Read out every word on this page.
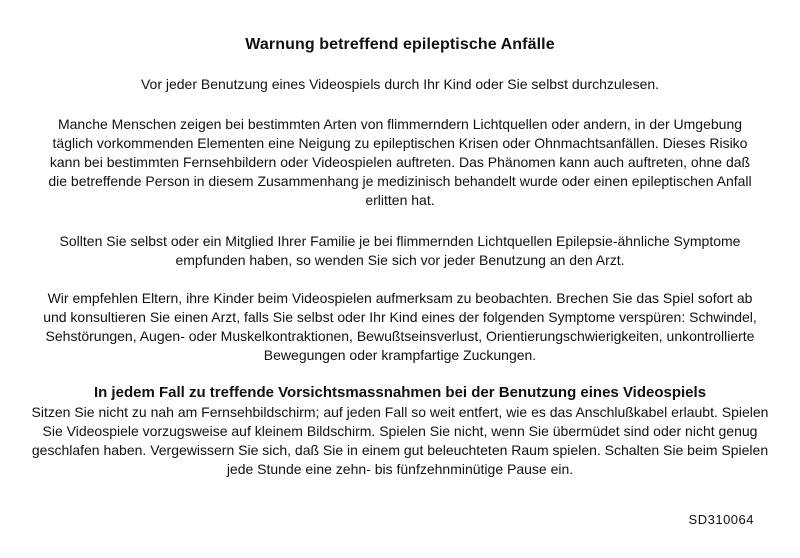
Warnung betreffend epileptische Anfälle

Vor jeder Benutzung eines Videospiels durch Ihr Kind oder Sie selbst durchzulesen.

Manche Menschen zeigen bei bestimmten Arten von flimmerndern Lichtquellen oder andern, in der Umgebung täglich vorkommenden Elementen eine Neigung zu epileptischen Krisen oder Ohnmachtsanfällen. Dieses Risiko kann bei bestimmten Fernsehbildern oder Videospielen auftreten. Das Phänomen kann auch auftreten, ohne daß die betreffende Person in diesem Zusammenhang je medizinisch behandelt wurde oder einen epileptischen Anfall erlitten hat.

Sollten Sie selbst oder ein Mitglied Ihrer Familie je bei flimmernden Lichtquellen Epilepsie-ähnliche Symptome empfunden haben, so wenden Sie sich vor jeder Benutzung an den Arzt.

Wir empfehlen Eltern, ihre Kinder beim Videospielen aufmerksam zu beobachten. Brechen Sie das Spiel sofort ab und konsultieren Sie einen Arzt, falls Sie selbst oder Ihr Kind eines der folgenden Symptome verspüren: Schwindel, Sehstörungen, Augen- oder Muskelkontraktionen, Bewußtseinsverlust, Orientierungschwierigkeiten, unkontrollierte Bewegungen oder krampfartige Zuckungen.

In jedem Fall zu treffende Vorsichtsmassnahmen bei der Benutzung eines Videospiels

Sitzen Sie nicht zu nah am Fernsehbildschirm; auf jeden Fall so weit entfert, wie es das Anschlußkabel erlaubt. Spielen Sie Videospiele vorzugsweise auf kleinem Bildschirm. Spielen Sie nicht, wenn Sie übermüdet sind oder nicht genug geschlafen haben. Vergewissern Sie sich, daß Sie in einem gut beleuchteten Raum spielen. Schalten Sie beim Spielen jede Stunde eine zehn- bis fünfzehnminütige Pause ein.

SD310064
